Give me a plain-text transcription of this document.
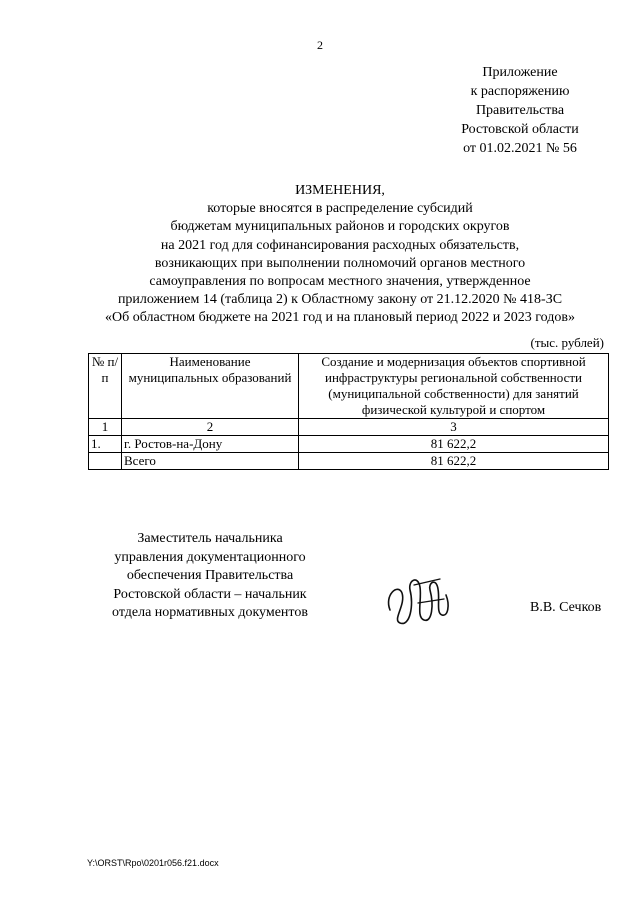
2
Приложение
к распоряжению
Правительства
Ростовской области
от 01.02.2021 № 56
ИЗМЕНЕНИЯ,
которые вносятся в распределение субсидий
бюджетам муниципальных районов и городских округов
на 2021 год для софинансирования расходных обязательств,
возникающих при выполнении полномочий органов местного
самоуправления по вопросам местного значения, утвержденное
приложением 14 (таблица 2) к Областному закону от 21.12.2020 № 418-ЗС
«Об областном бюджете на 2021 год и на плановый период 2022 и 2023 годов»
(тыс. рублей)
№ п/п	Наименование муниципальных образований	Создание и модернизация объектов спортивной инфраструктуры региональной собственности (муниципальной собственности) для занятий физической культурой и спортом
1	2	3
1.	г. Ростов-на-Дону	81 622,2
	Всего	81 622,2
Заместитель начальника
управления документационного
обеспечения Правительства
Ростовской области – начальник
отдела нормативных документов	В.В. Сечков
Y:\ORST\Rpo\0201r056.f21.docx
